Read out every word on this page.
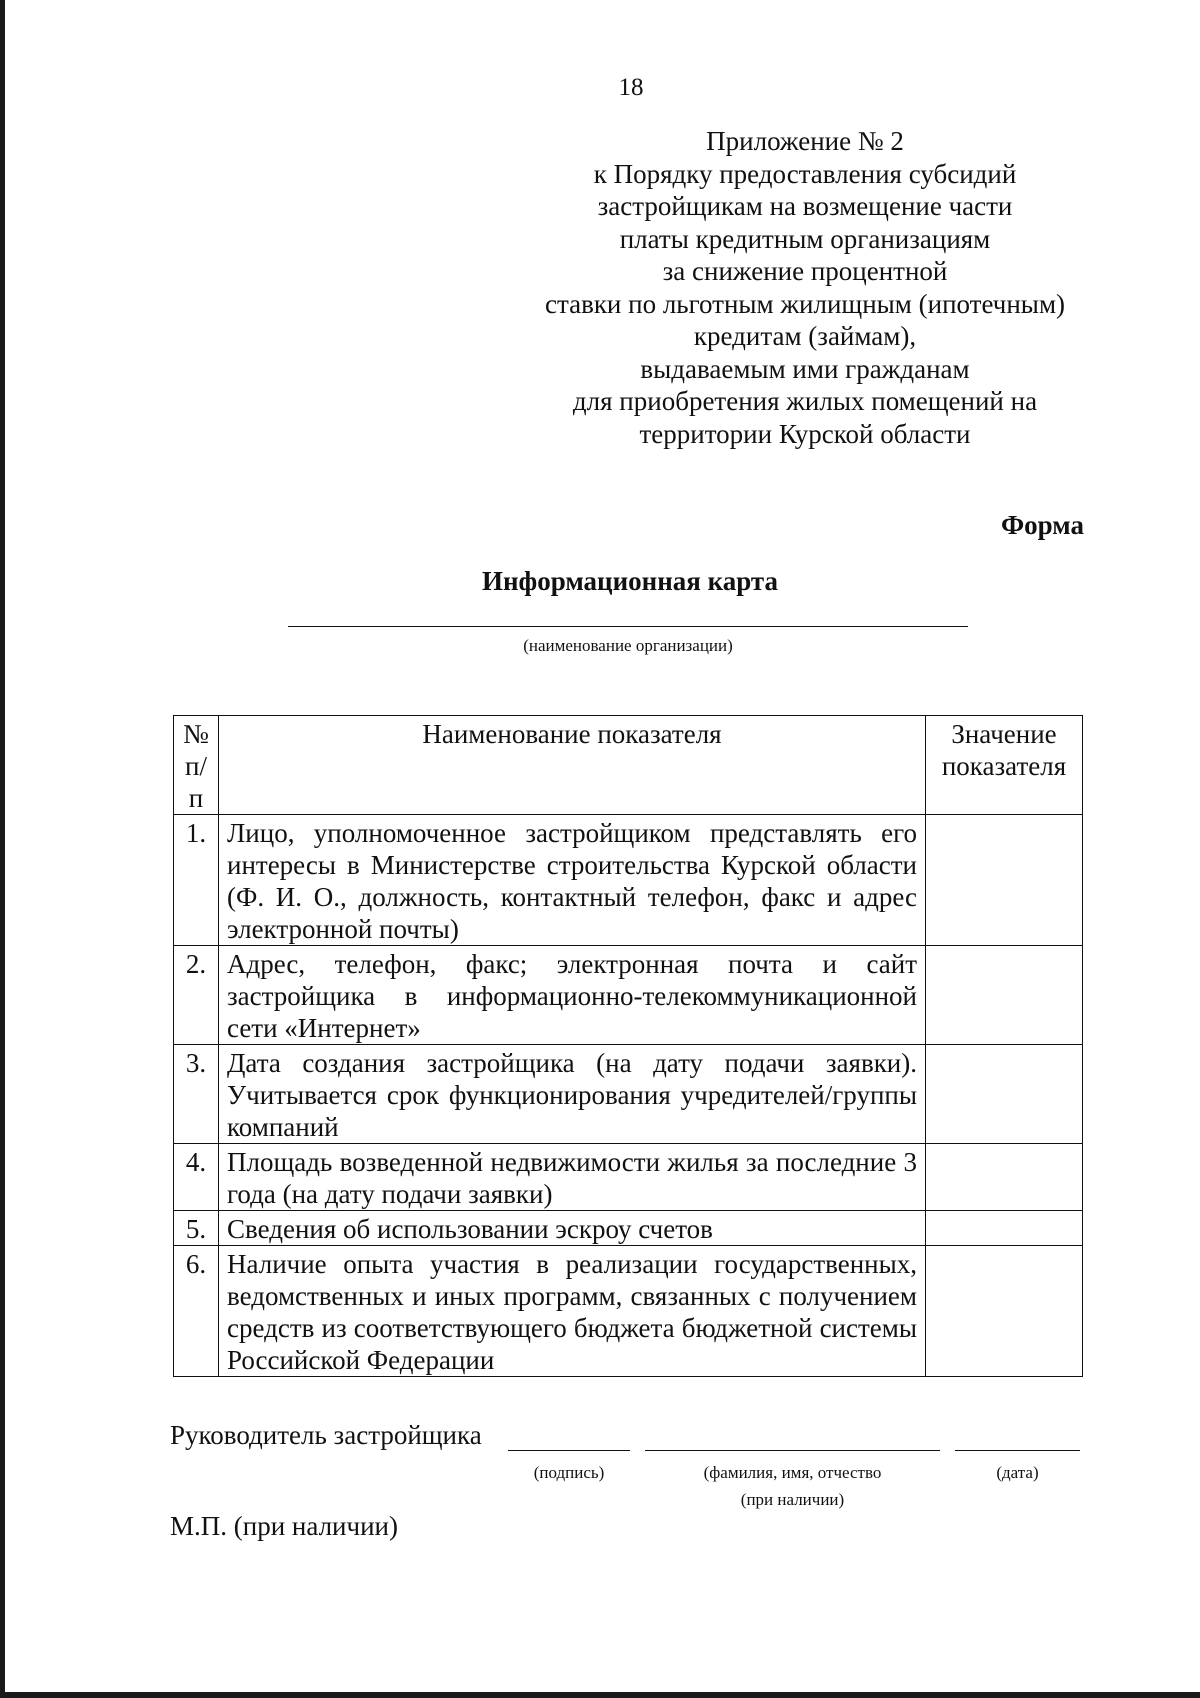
18
Приложение № 2
к Порядку предоставления субсидий
застройщикам на возмещение части
платы кредитным организациям
за снижение процентной
ставки по льготным жилищным (ипотечным)
кредитам (займам),
выдаваемым ими гражданам
для приобретения жилых помещений на
территории Курской области
Форма
Информационная карта
(наименование организации)
№ п/ п	Наименование показателя	Значение показателя
1.	Лицо, уполномоченное застройщиком представлять его интересы в Министерстве строительства Курской области (Ф. И. О., должность, контактный телефон, факс и адрес электронной почты)	
2.	Адрес, телефон, факс; электронная почта и сайт застройщика в информационно-телекоммуникационной сети «Интернет»	
3.	Дата создания застройщика (на дату подачи заявки). Учитывается срок функционирования учредителей/группы компаний	
4.	Площадь возведенной недвижимости жилья за последние 3 года (на дату подачи заявки)	
5.	Сведения об использовании эскроу счетов	
6.	Наличие опыта участия в реализации государственных, ведомственных и иных программ, связанных с получением средств из соответствующего бюджета бюджетной системы Российской Федерации	
Руководитель застройщика
(подпись)	(фамилия, имя, отчество
(при наличии)
(дата)
М.П. (при наличии)
